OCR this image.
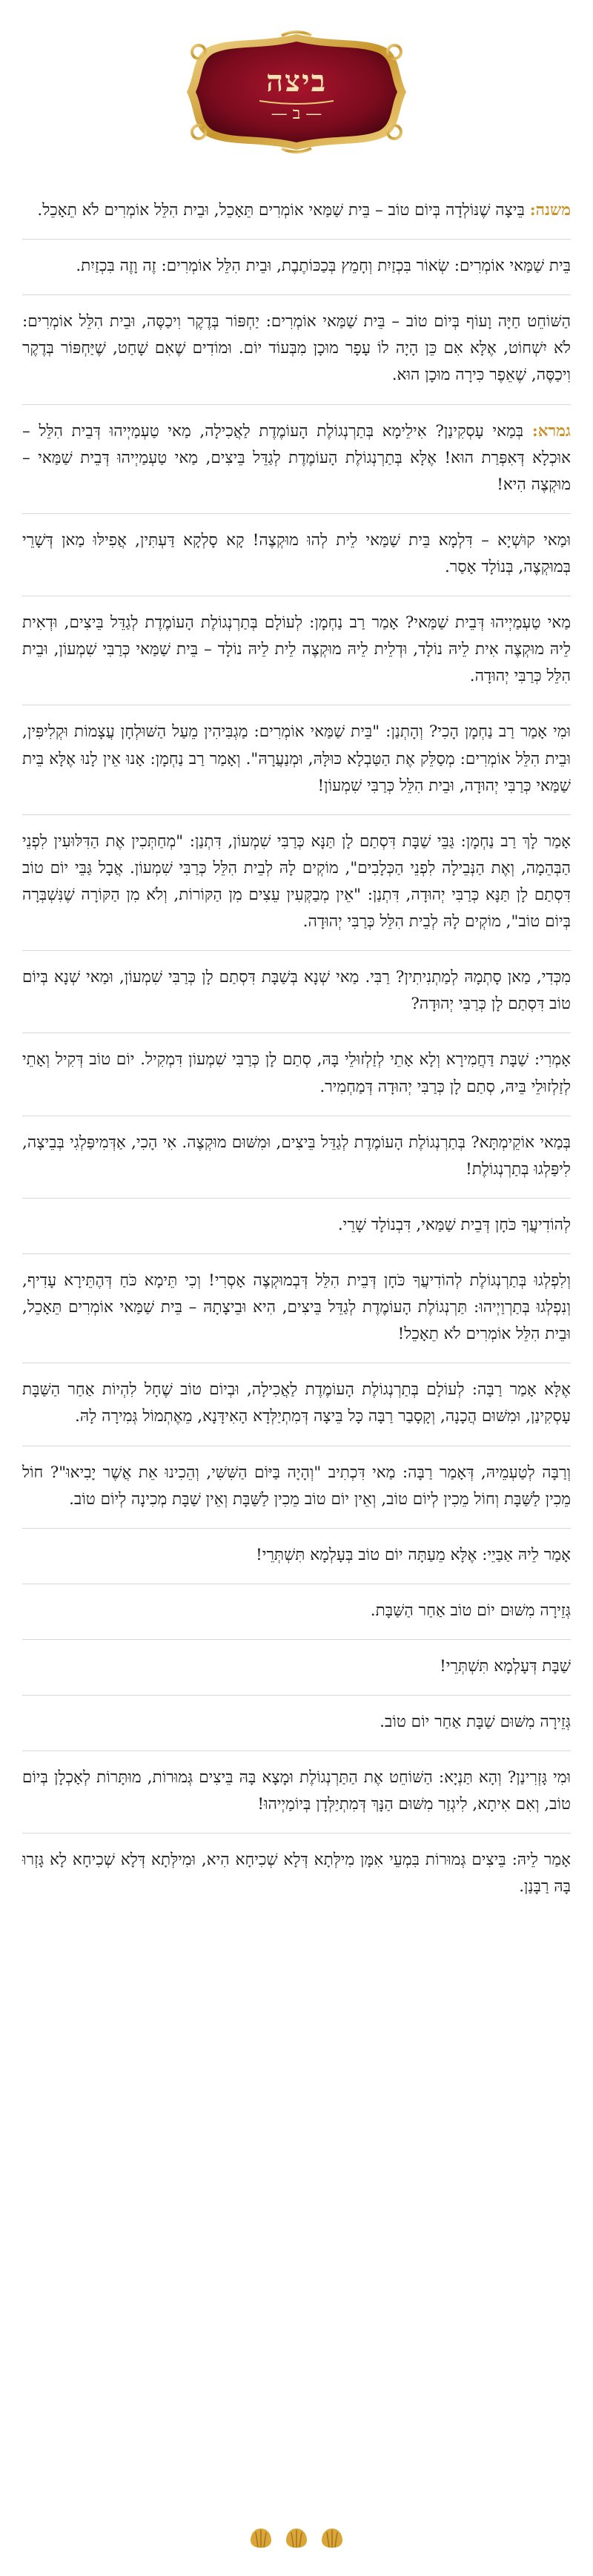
ביצה
— ב —

משנה: בֵּיצָה שֶׁנּוֹלְדָה בְּיוֹם טוֹב – בֵּית שַׁמַּאי אוֹמְרִים תֵּאָכֵל, וּבֵית הִלֵּל אוֹמְרִים לֹא תֵאָכֵל.

בֵּית שַׁמַּאי אוֹמְרִים: שְׂאוֹר בִּכְזַיִת וְחָמֵץ בְּכַכּוֹתֶבֶת, וּבֵית הִלֵּל אוֹמְרִים: זֶה וָזֶה בִּכְזַיִת.

הַשּׁוֹחֵט חַיָּה וָעוֹף בְּיוֹם טוֹב – בֵּית שַׁמַּאי אוֹמְרִים: יַחְפּוֹר בְּדֶקֶר וִיכַסֶּה, וּבֵית הִלֵּל אוֹמְרִים: לֹא יִשְׁחוֹט, אֶלָּא אִם כֵּן הָיָה לוֹ עָפָר מוּכָן מִבְּעוֹד יוֹם. וּמוֹדִים שֶׁאִם שָׁחַט, שֶׁיַּחְפּוֹר בְּדֶקֶר וִיכַסֶּה, שֶׁאֵפֶר כִּירָה מוּכָן הוּא.

גמרא: בְּמַאי עָסְקִינַן? אִילֵימָא בְּתַרְנְגוֹלֶת הָעוֹמֶדֶת לַאֲכִילָה, מַאי טַעְמַיְיהוּ דְּבֵית הִלֵּל – אוּכְלָא דְּאִפְּרַת הוּא! אֶלָּא בְּתַרְנְגוֹלֶת הָעוֹמֶדֶת לְגַדֵּל בֵּיצִים, מַאי טַעְמַיְיהוּ דְּבֵית שַׁמַּאי – מוּקְצֶה הִיא!

וּמַאי קוּשְׁיָא – דִּלְמָא בֵּית שַׁמַּאי לֵית לְהוּ מוּקְצֶה! קָא סָלְקָא דַּעְתִּין, אֲפִילּוּ מַאן דְּשָׁרֵי בְּמוּקְצֶה, בְּנוֹלָד אָסַר.

מַאי טַעְמַיְיהוּ דְּבֵית שַׁמַּאי? אָמַר רַב נַחְמָן: לְעוֹלָם בְּתַרְנְגוֹלֶת הָעוֹמֶדֶת לְגַדֵּל בֵּיצִים, וּדְאִית לֵיהּ מוּקְצֶה אִית לֵיהּ נוֹלָד, וּדְלֵית לֵיהּ מוּקְצֶה לֵית לֵיהּ נוֹלָד – בֵּית שַׁמַּאי כְּרַבִּי שִׁמְעוֹן, וּבֵית הִלֵּל כְּרַבִּי יְהוּדָה.

וּמִי אָמַר רַב נַחְמָן הָכִי? וְהָתְנַן: "בֵּית שַׁמַּאי אוֹמְרִים: מַגְבִּיהִין מֵעַל הַשּׁוּלְחָן עֲצָמוֹת וּקְלִיפִּין, וּבֵית הִלֵּל אוֹמְרִים: מְסַלֵּק אֶת הַטַּבְלָא כּוּלָּהּ, וּמְנַעֲרָהּ". וְאָמַר רַב נַחְמָן: אָנוּ אֵין לָנוּ אֶלָּא בֵּית שַׁמַּאי כְּרַבִּי יְהוּדָה, וּבֵית הִלֵּל כְּרַבִּי שִׁמְעוֹן!

אָמַר לָךְ רַב נַחְמָן: גַּבֵּי שַׁבָּת דִּסְתַם לָן תַּנָּא כְּרַבִּי שִׁמְעוֹן, דִּתְנַן: "מְחַתְּכִין אֶת הַדִּלּוּעִין לִפְנֵי הַבְּהֵמָה, וְאֶת הַנְּבֵילָה לִפְנֵי הַכְּלָבִים", מוֹקְים לָהּ לְבֵית הִלֵּל כְּרַבִּי שִׁמְעוֹן. אֲבָל גַּבֵּי יוֹם טוֹב דִּסְתַם לָן תַּנָּא כְּרַבִּי יְהוּדָה, דִּתְנַן: "אֵין מְבַקְּעִין עֵצִים מִן הַקּוֹרוֹת, וְלֹא מִן הַקּוֹרָה שֶׁנִּשְׁבְּרָה בְּיוֹם טוֹב", מוֹקְים לָהּ לְבֵית הִלֵּל כְּרַבִּי יְהוּדָה.

מִכְּדִי, מַאן סָתְמָהּ לְמַתְנִיתִין? רַבִּי. מַאי שְׁנָא בְּשַׁבָּת דִּסְתַם לָן כְּרַבִּי שִׁמְעוֹן, וּמַאי שְׁנָא בְּיוֹם טוֹב דִּסְתַם לָן כְּרַבִּי יְהוּדָה?

אָמְרִי: שַׁבָּת דַּחֲמִירָא וְלָא אָתֵי לְזַלְזוּלֵי בָּהּ, סְתַם לָן כְּרַבִּי שִׁמְעוֹן דִּמְקִיל. יוֹם טוֹב דְּקִיל וְאָתֵי לְזַלְזוּלֵי בֵּיהּ, סְתַם לָן כְּרַבִּי יְהוּדָה דְּמַחְמִיר.

בְּמַאי אוֹקֵימְתָּא? בְּתַרְנְגוֹלֶת הָעוֹמֶדֶת לְגַדֵּל בֵּיצִים, וּמִשּׁוּם מוּקְצֶה. אִי הָכִי, אַדְּמִיפַּלְגִי בְּבֵיצָה, לִיפַּלְגוּ בְּתַרְנְגוֹלֶת!

לְהוֹדִיעֲךָ כֹּחָן דְּבֵית שַׁמַּאי, דִּבְנוֹלָד שָׁרֵי.

וְלִפְלְגוּ בְּתַרְנְגוֹלֶת לְהוֹדִיעֲךָ כֹּחָן דְּבֵית הִלֵּל דְּבְמוּקְצֶה אָסְרִי! וְכִי תֵּימָא כֹּחַ דְּהֶתֵּירָא עָדִיף, וְנִפְלְגוּ בְּתַרְוַיְיהוּ: תַּרְנְגוֹלֶת הָעוֹמֶדֶת לְגַדֵּל בֵּיצִים, הִיא וּבֵיצָתָהּ – בֵּית שַׁמַּאי אוֹמְרִים תֵּאָכֵל, וּבֵית הִלֵּל אוֹמְרִים לֹא תֵאָכֵל!

אֶלָּא אָמַר רַבָּה: לְעוֹלָם בְּתַרְנְגוֹלֶת הָעוֹמֶדֶת לַאֲכִילָה, וּבְיוֹם טוֹב שֶׁחָל לִהְיוֹת אַחַר הַשַּׁבָּת עָסְקִינַן, וּמִשּׁוּם הֲכָנָה, וְקָסָבַר רַבָּה כָּל בֵּיצָה דְּמִתְיַלְּדָא הָאִידָּנָא, מֵאֶתְמוֹל גְּמִירָה לָהּ.

וְרַבָּה לְטַעְמֵיהּ, דְּאָמַר רַבָּה: מַאי דִּכְתִיב "וְהָיָה בַּיּוֹם הַשִּׁשִּׁי, וְהֵכִינוּ אֵת אֲשֶׁר יָבִיאוּ"? חוֹל מֵכִין לַשַּׁבָּת וְחוֹל מֵכִין לְיוֹם טוֹב, וְאֵין יוֹם טוֹב מֵכִין לַשַּׁבָּת וְאֵין שַׁבָּת מְכִינָה לְיוֹם טוֹב.

אָמַר לֵיהּ אַבַּיֵי: אֶלָּא מֵעַתָּה יוֹם טוֹב בְּעָלְמָא תִּשְׁתְּרֵי!

גְּזֵירָה מִשּׁוּם יוֹם טוֹב אַחַר הַשַּׁבָּת.

שַׁבָּת דְּעָלְמָא תִּשְׁתְּרֵי!

גְּזֵירָה מִשּׁוּם שַׁבָּת אַחַר יוֹם טוֹב.

וּמִי גָּזְרִינַן? וְהָא תַּנְיָא: הַשּׁוֹחֵט אֶת הַתַּרְנְגוֹלֶת וּמָצָא בָּהּ בֵּיצִים גְּמוּרוֹת, מוּתָּרוֹת לְאָכְלָן בְּיוֹם טוֹב, וְאִם אִיתָא, לִיגְזַר מִשּׁוּם הַנָּךְ דְּמִתְיַלְּדָן בְּיוֹמַיְיהוּ!

אָמַר לֵיהּ: בֵּיצִים גְּמוּרוֹת בִּמְעֵי אִמָּן מִילְּתָא דְּלָא שְׁכִיחָא הִיא, וּמִילְּתָא דְּלָא שְׁכִיחָא לָא גָּזְרוּ בָּהּ רַבָּנַן.
